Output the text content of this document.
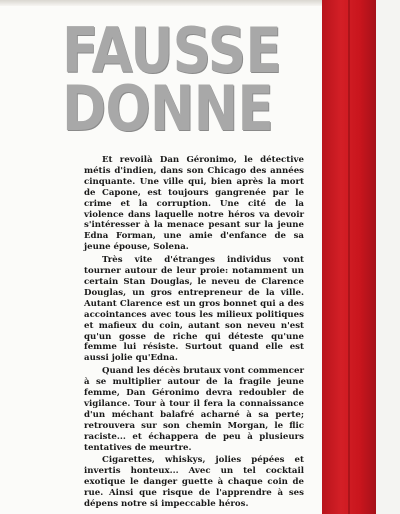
FAUSSE
DONNE

Et revoilà Dan Géronimo, le détective métis d'indien, dans son Chicago des années cinquante. Une ville qui, bien après la mort de Capone, est toujours gangrenée par le crime et la corruption. Une cité de la violence dans laquelle notre héros va devoir s'intéresser à la menace pesant sur la jeune Edna Forman, une amie d'enfance de sa jeune épouse, Solena.

Très vite d'étranges individus vont tourner autour de leur proie: notamment un certain Stan Douglas, le neveu de Clarence Douglas, un gros entrepreneur de la ville. Autant Clarence est un gros bonnet qui a des accointances avec tous les milieux politiques et mafieux du coin, autant son neveu n'est qu'un gosse de riche qui déteste qu'une femme lui résiste. Surtout quand elle est aussi jolie qu'Edna.

Quand les décès brutaux vont commencer à se multiplier autour de la fragile jeune femme, Dan Géronimo devra redoubler de vigilance. Tour à tour il fera la connaissance d'un méchant balafré acharné à sa perte; retrouvera sur son chemin Morgan, le flic raciste... et échappera de peu à plusieurs tentatives de meurtre.

Cigarettes, whiskys, jolies pépées et invertis honteux... Avec un tel cocktail exotique le danger guette à chaque coin de rue. Ainsi que risque de l'apprendre à ses dépens notre si impeccable héros.
